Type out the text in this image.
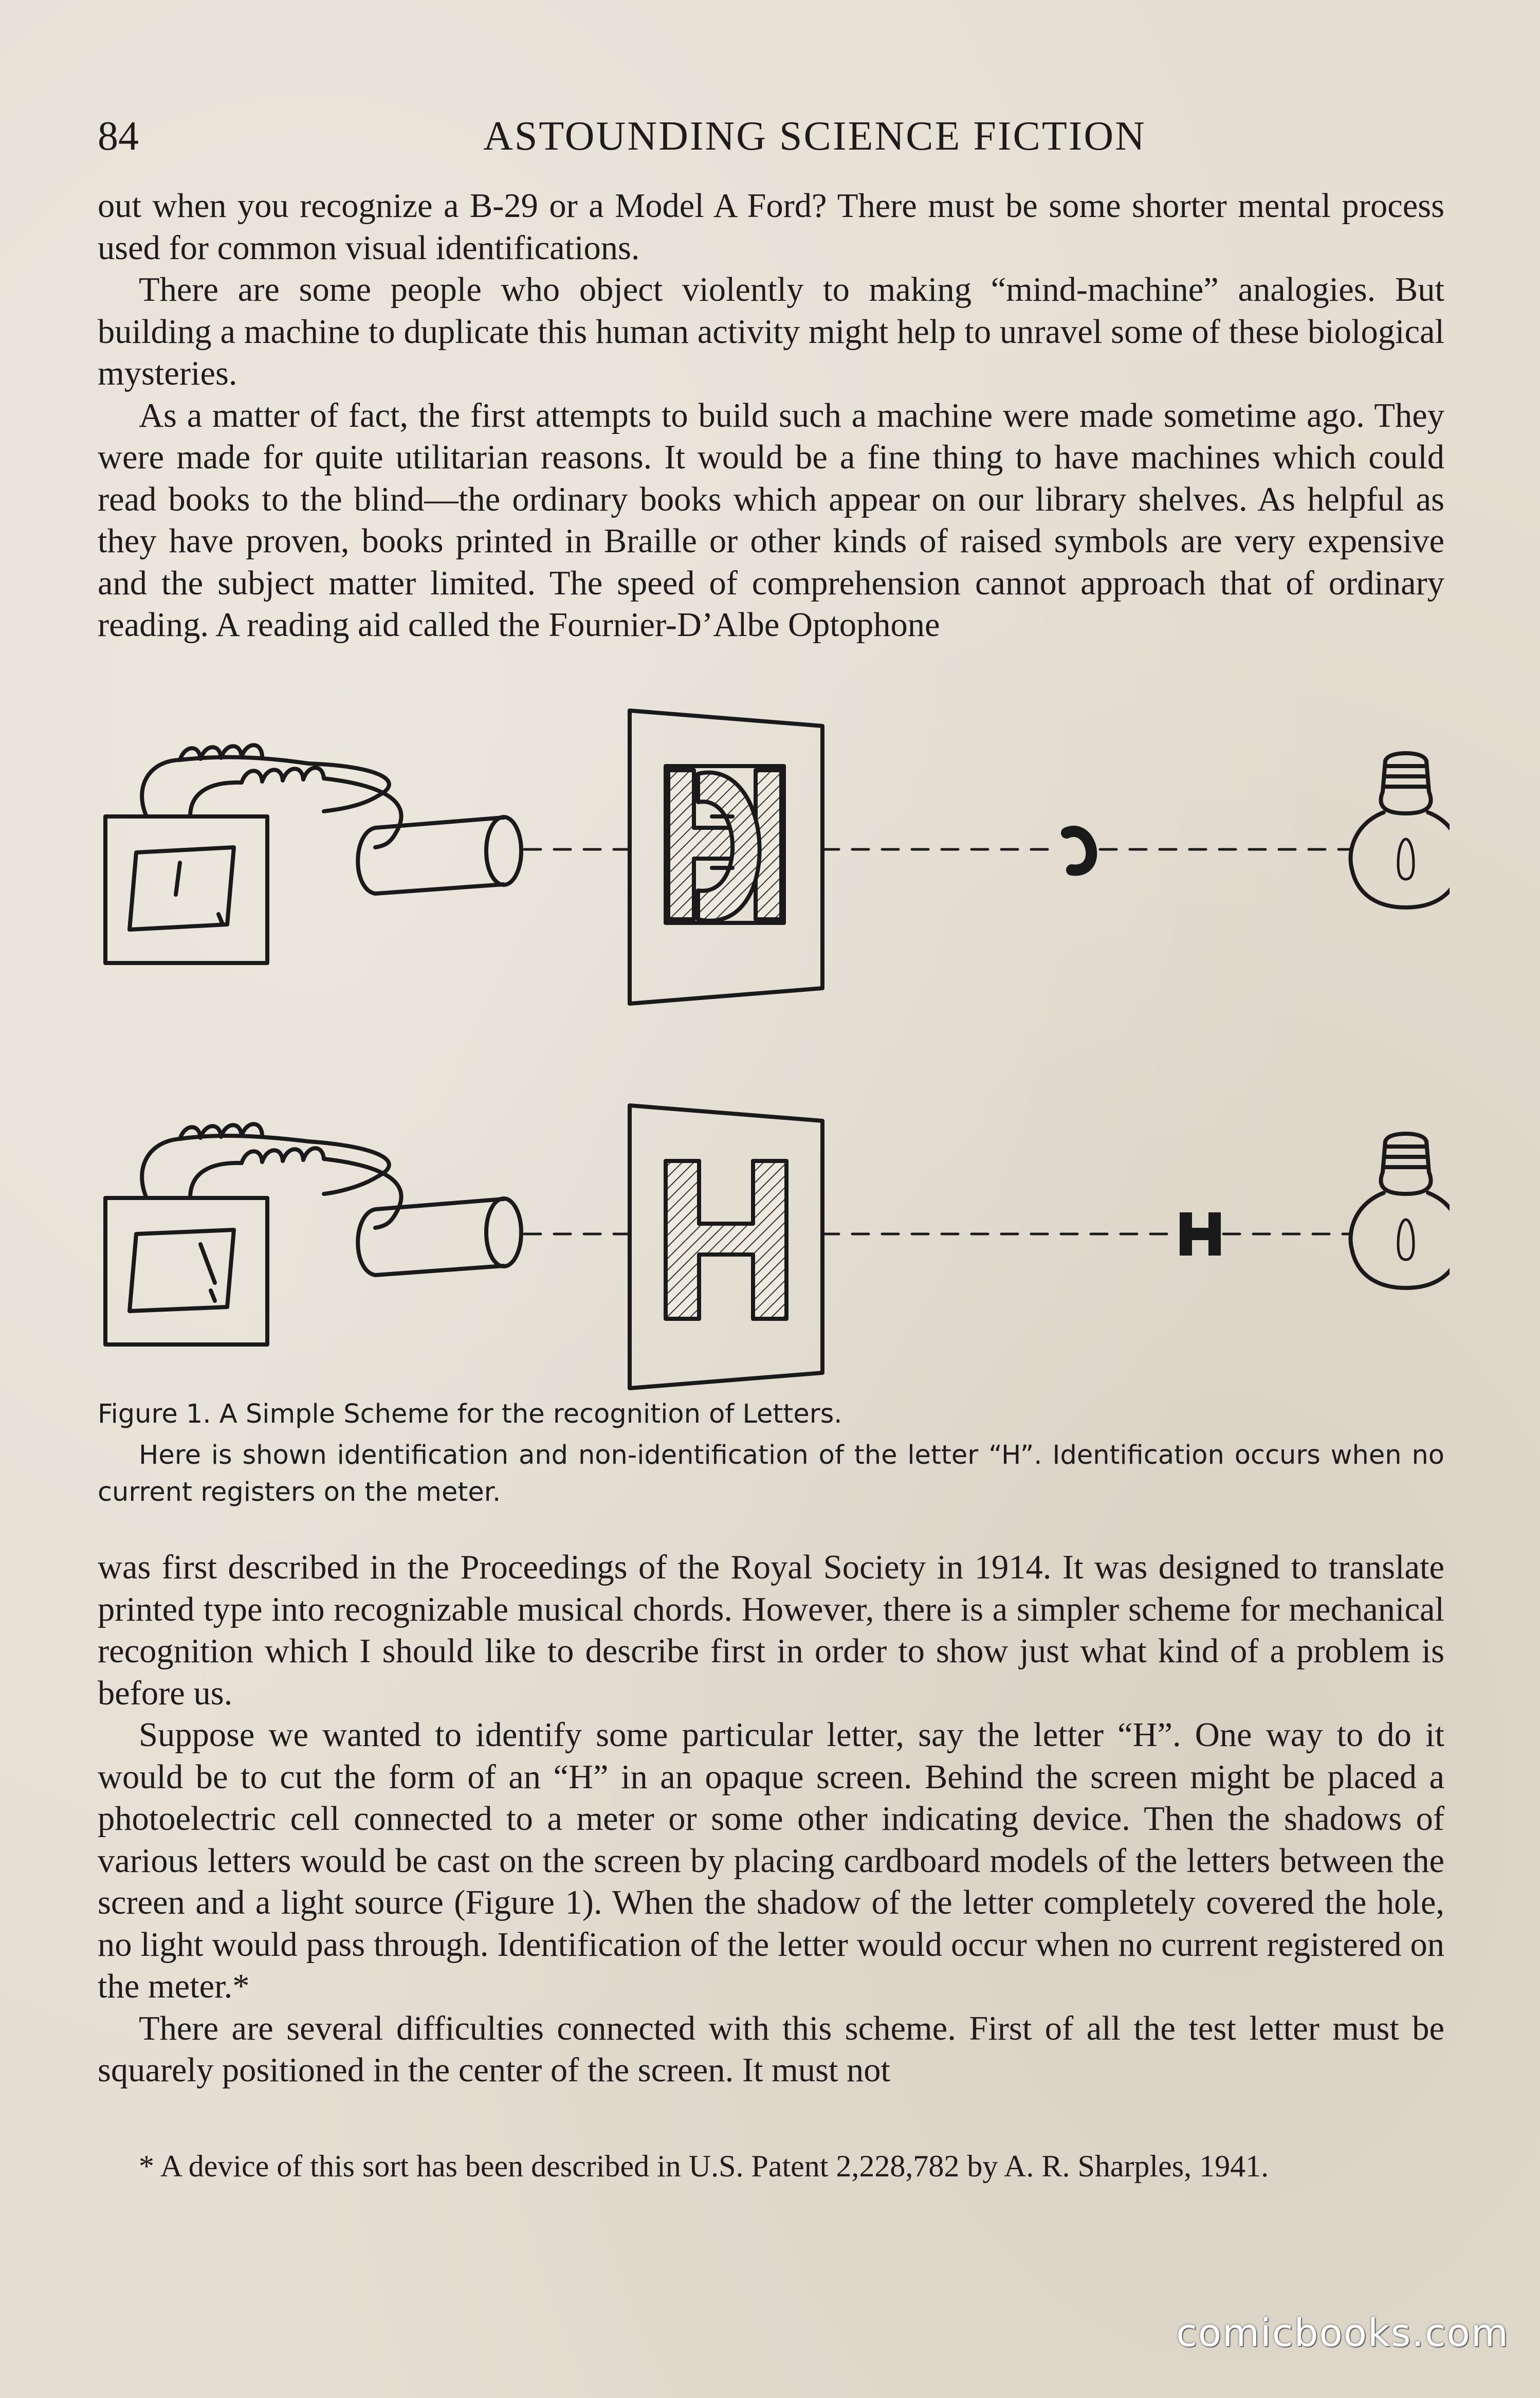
84	ASTOUNDING SCIENCE FICTION

out when you recognize a B-29 or a Model A Ford? There must be some shorter mental process used for common visual identifications.

There are some people who object violently to making “mind-machine” analogies. But building a machine to duplicate this human activity might help to unravel some of these biological mysteries.

As a matter of fact, the first attempts to build such a machine were made sometime ago. They were made for quite utilitarian reasons. It would be a fine thing to have machines which could read books to the blind—the ordinary books which appear on our library shelves. As helpful as they have proven, books printed in Braille or other kinds of raised symbols are very expensive and the subject matter limited. The speed of comprehension cannot approach that of ordinary reading. A reading aid called the Fournier-D’Albe Optophone

Figure 1. A Simple Scheme for the recognition of Letters.
Here is shown identification and non-identification of the letter “H”. Identification occurs when no current registers on the meter.

was first described in the Proceedings of the Royal Society in 1914. It was designed to translate printed type into recognizable musical chords. However, there is a simpler scheme for mechanical recognition which I should like to describe first in order to show just what kind of a problem is before us.

Suppose we wanted to identify some particular letter, say the letter “H”. One way to do it would be to cut the form of an “H” in an opaque screen. Behind the screen might be placed a photoelectric cell connected to a meter or some other indicating device. Then the shadows of various letters would be cast on the screen by placing cardboard models of the letters between the screen and a light source (Figure 1). When the shadow of the letter completely covered the hole, no light would pass through. Identification of the letter would occur when no current registered on the meter.*

There are several difficulties connected with this scheme. First of all the test letter must be squarely positioned in the center of the screen. It must not

* A device of this sort has been described in U.S. Patent 2,228,782 by A. R. Sharples, 1941.
comicbooks.com
